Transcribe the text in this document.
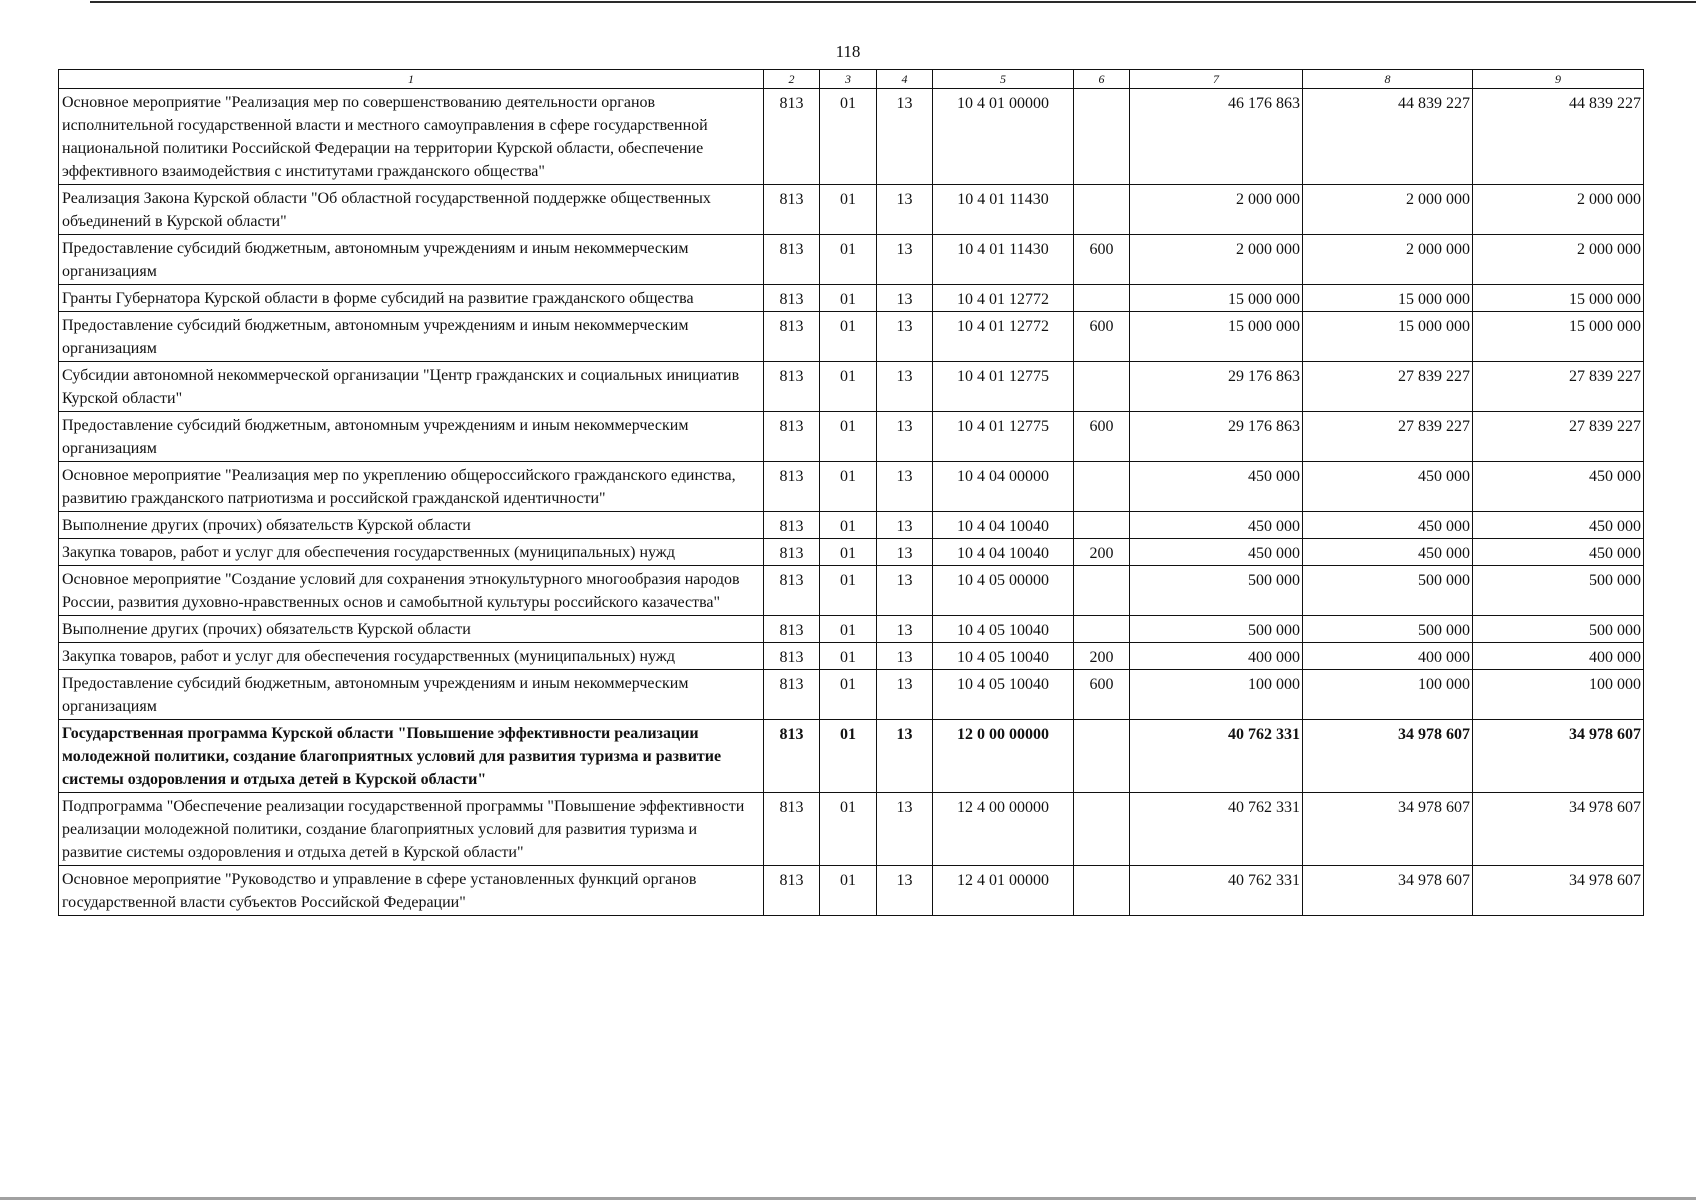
118
1	2	3	4	5	6	7	8	9
Основное мероприятие "Реализация мер по совершенствованию деятельности органов исполнительной государственной власти и местного самоуправления в сфере государственной национальной политики Российской Федерации на территории Курской области, обеспечение эффективного взаимодействия с институтами гражданского общества"	813	01	13	10 4 01 00000		46 176 863	44 839 227	44 839 227
Реализация Закона Курской области "Об областной государственной поддержке общественных объединений в Курской области"	813	01	13	10 4 01 11430		2 000 000	2 000 000	2 000 000
Предоставление субсидий бюджетным, автономным учреждениям и иным некоммерческим организациям	813	01	13	10 4 01 11430	600	2 000 000	2 000 000	2 000 000
Гранты Губернатора Курской области в форме субсидий на развитие гражданского общества	813	01	13	10 4 01 12772		15 000 000	15 000 000	15 000 000
Предоставление субсидий бюджетным, автономным учреждениям и иным некоммерческим организациям	813	01	13	10 4 01 12772	600	15 000 000	15 000 000	15 000 000
Субсидии автономной некоммерческой организации "Центр гражданских и социальных инициатив Курской области"	813	01	13	10 4 01 12775		29 176 863	27 839 227	27 839 227
Предоставление субсидий бюджетным, автономным учреждениям и иным некоммерческим организациям	813	01	13	10 4 01 12775	600	29 176 863	27 839 227	27 839 227
Основное мероприятие "Реализация мер по укреплению общероссийского гражданского единства, развитию гражданского патриотизма и российской гражданской идентичности"	813	01	13	10 4 04 00000		450 000	450 000	450 000
Выполнение других (прочих) обязательств Курской области	813	01	13	10 4 04 10040		450 000	450 000	450 000
Закупка товаров, работ и услуг для обеспечения государственных (муниципальных) нужд	813	01	13	10 4 04 10040	200	450 000	450 000	450 000
Основное мероприятие "Создание условий для сохранения этнокультурного многообразия народов России, развития духовно-нравственных основ и самобытной культуры российского казачества"	813	01	13	10 4 05 00000		500 000	500 000	500 000
Выполнение других (прочих) обязательств Курской области	813	01	13	10 4 05 10040		500 000	500 000	500 000
Закупка товаров, работ и услуг для обеспечения государственных (муниципальных) нужд	813	01	13	10 4 05 10040	200	400 000	400 000	400 000
Предоставление субсидий бюджетным, автономным учреждениям и иным некоммерческим организациям	813	01	13	10 4 05 10040	600	100 000	100 000	100 000
Государственная программа Курской области "Повышение эффективности реализации молодежной политики, создание благоприятных условий для развития туризма и развитие системы оздоровления и отдыха детей в Курской области"	813	01	13	12 0 00 00000		40 762 331	34 978 607	34 978 607
Подпрограмма "Обеспечение реализации государственной программы "Повышение эффективности реализации молодежной политики, создание благоприятных условий для развития туризма и развитие системы оздоровления и отдыха детей в Курской области"	813	01	13	12 4 00 00000		40 762 331	34 978 607	34 978 607
Основное мероприятие "Руководство и управление в сфере установленных функций органов государственной власти субъектов Российской Федерации"	813	01	13	12 4 01 00000		40 762 331	34 978 607	34 978 607
